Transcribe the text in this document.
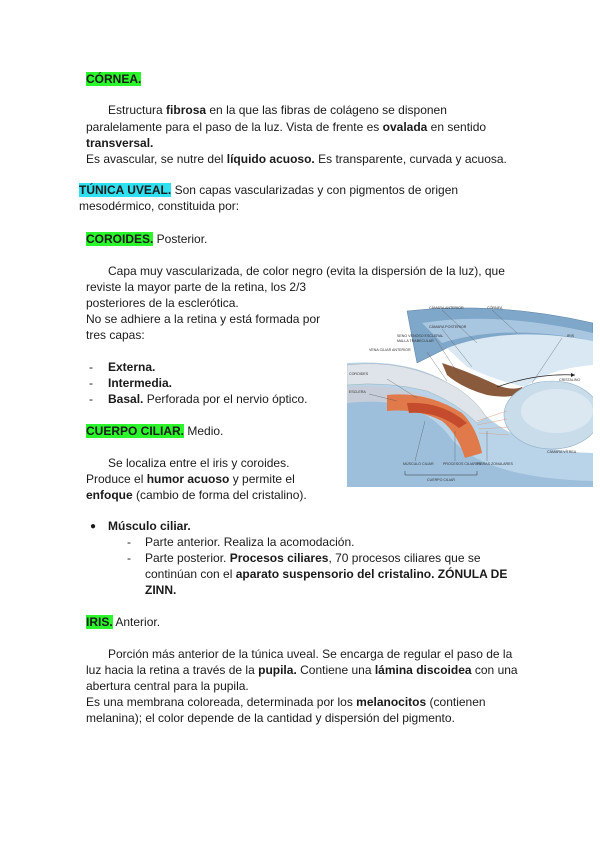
CÓRNEA.
Estructura fibrosa en la que las fibras de colágeno se disponen
paralelamente para el paso de la luz. Vista de frente es ovalada en sentido
transversal.
Es avascular, se nutre del líquido acuoso. Es transparente, curvada y acuosa.
TÚNICA UVEAL. Son capas vascularizadas y con pigmentos de origen
mesodérmico, constituida por:
COROIDES. Posterior.
Capa muy vascularizada, de color negro (evita la dispersión de la luz), que
reviste la mayor parte de la retina, los 2/3
posteriores de la esclerótica.
No se adhiere a la retina y está formada por
tres capas:
- Externa.
- Intermedia.
- Basal. Perforada por el nervio óptico.
CUERPO CILIAR. Medio.
Se localiza entre el iris y coroides.
Produce el humor acuoso y permite el
enfoque (cambio de forma del cristalino).
● Músculo ciliar.
- Parte anterior. Realiza la acomodación.
- Parte posterior. Procesos ciliares, 70 procesos ciliares que se
continúan con el aparato suspensorio del cristalino. ZÓNULA DE
ZINN.
IRIS. Anterior.
Porción más anterior de la túnica uveal. Se encarga de regular el paso de la
luz hacia la retina a través de la pupila. Contiene una lámina discoidea con una
abertura central para la pupila.
Es una membrana coloreada, determinada por los melanocitos (contienen
melanina); el color depende de la cantidad y dispersión del pigmento.
CÁMARA ANTERIOR	CÓRNEA
CÁMARA POSTERIOR
SENO VENOSO ESCLERAL
MALLA TRABECULAR
IRIS
VENA CILIAR ANTERIOR
COROIDES
CRISTALINO
ESCLERA
MÚSCULO CILIAR	PROCESOS CILIARES
FIBRAS ZONULARES
CÁMARA VÍTREA
CUERPO CILIAR
